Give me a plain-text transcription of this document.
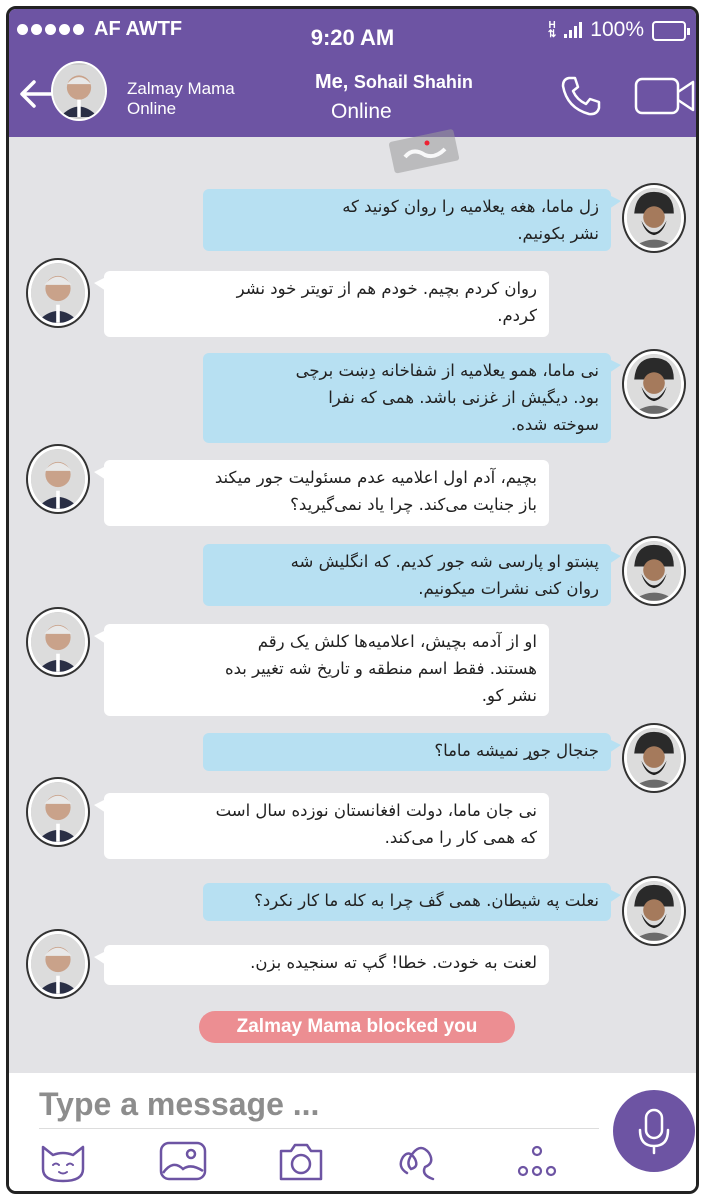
AF AWTF	9:20 AM	H
⇅ 100%
Zalmay Mama
Online
Me, Sohail Shahin
Online
زل ماما، هغه یعلامیه را روان کونید که
نشر بکونیم.
روان کردم بچیم. خودم هم از تویتر خود نشر
کردم.
نی ماما، همو یعلامیه از شفاخانه دِښت برچی
بود. دیگیش از غزنی باشد. همی که نفرا
سوخته شده.
بچیم، آدم اول اعلامیه عدم مسئولیت جور میکند
باز جنایت می‌کند. چرا یاد نمی‌گیرید؟
پښتو او پارسی شه جور کدیم. که انگلیش شه
روان کنی نشرات میکونیم.
او از آدمه بچیش، اعلامیه‌ها کلش یک رقم
هستند. فقط اسم منطقه و تاریخ شه تغییر بده
نشر کو.
جنجال جوړ نمیشه ماما؟
نی جان ماما، دولت افغانستان نوزده سال است
که همی کار را می‌کند.
نعلت په شیطان. همی گف چرا به کله ما کار نکرد؟
لعنت به خودت. خطا! گپ ته سنجیده بزن.
Zalmay Mama blocked you
Type a message ...
